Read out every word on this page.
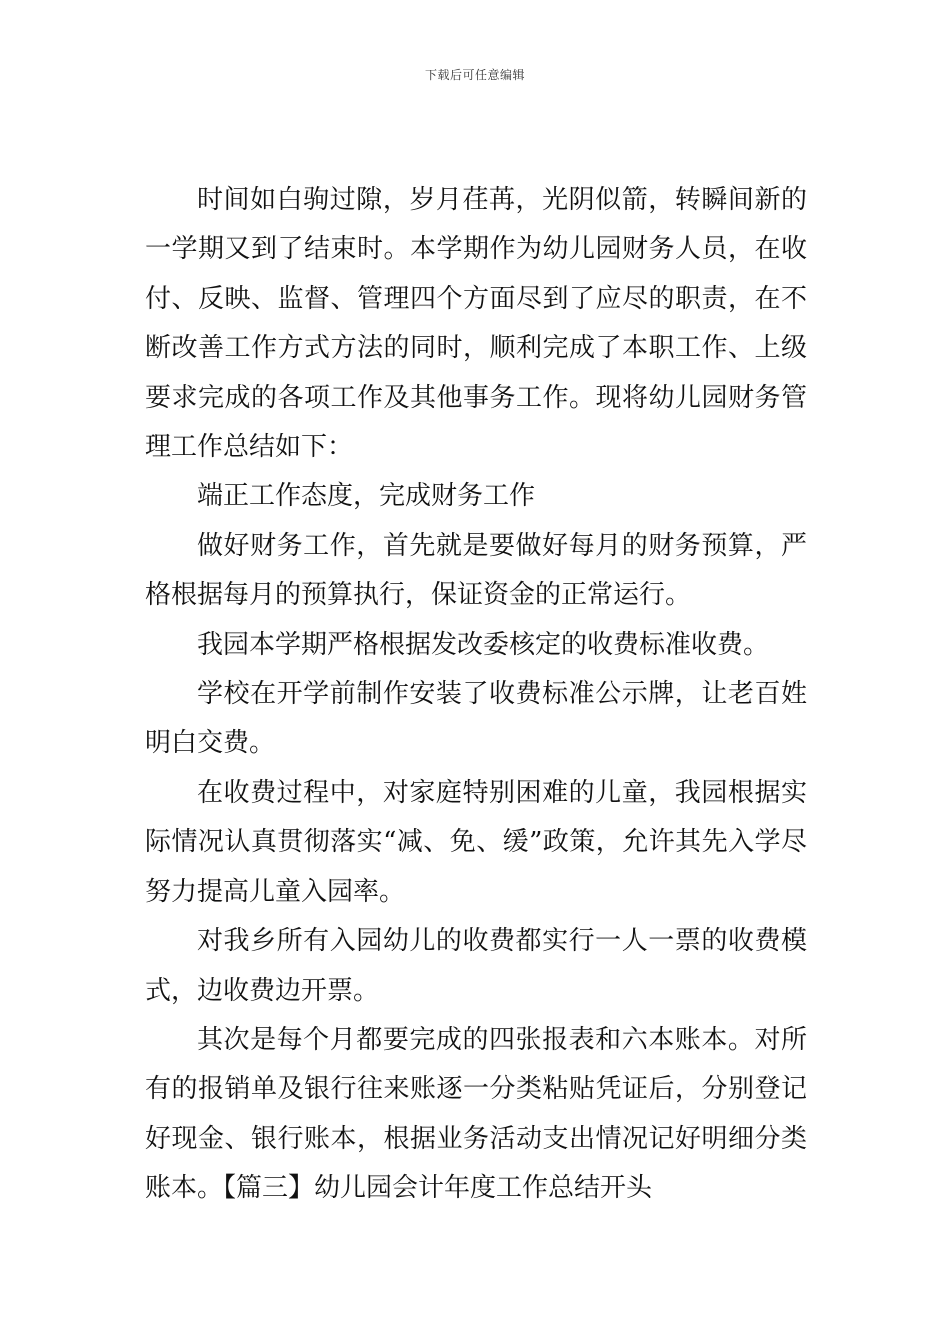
下载后可任意编辑

时间如白驹过隙，岁月荏苒，光阴似箭，转瞬间新的一学期又到了结束时。本学期作为幼儿园财务人员，在收付、反映、监督、管理四个方面尽到了应尽的职责，在不断改善工作方式方法的同时，顺利完成了本职工作、上级要求完成的各项工作及其他事务工作。现将幼儿园财务管理工作总结如下：

端正工作态度，完成财务工作

做好财务工作，首先就是要做好每月的财务预算，严格根据每月的预算执行，保证资金的正常运行。

我园本学期严格根据发改委核定的收费标准收费。

学校在开学前制作安装了收费标准公示牌，让老百姓明白交费。

在收费过程中，对家庭特别困难的儿童，我园根据实际情况认真贯彻落实“减、免、缓”政策，允许其先入学尽努力提高儿童入园率。

对我乡所有入园幼儿的收费都实行一人一票的收费模式，边收费边开票。

其次是每个月都要完成的四张报表和六本账本。对所有的报销单及银行往来账逐一分类粘贴凭证后，分别登记好现金、银行账本，根据业务活动支出情况记好明细分类账本。【篇三】幼儿园会计年度工作总结开头
